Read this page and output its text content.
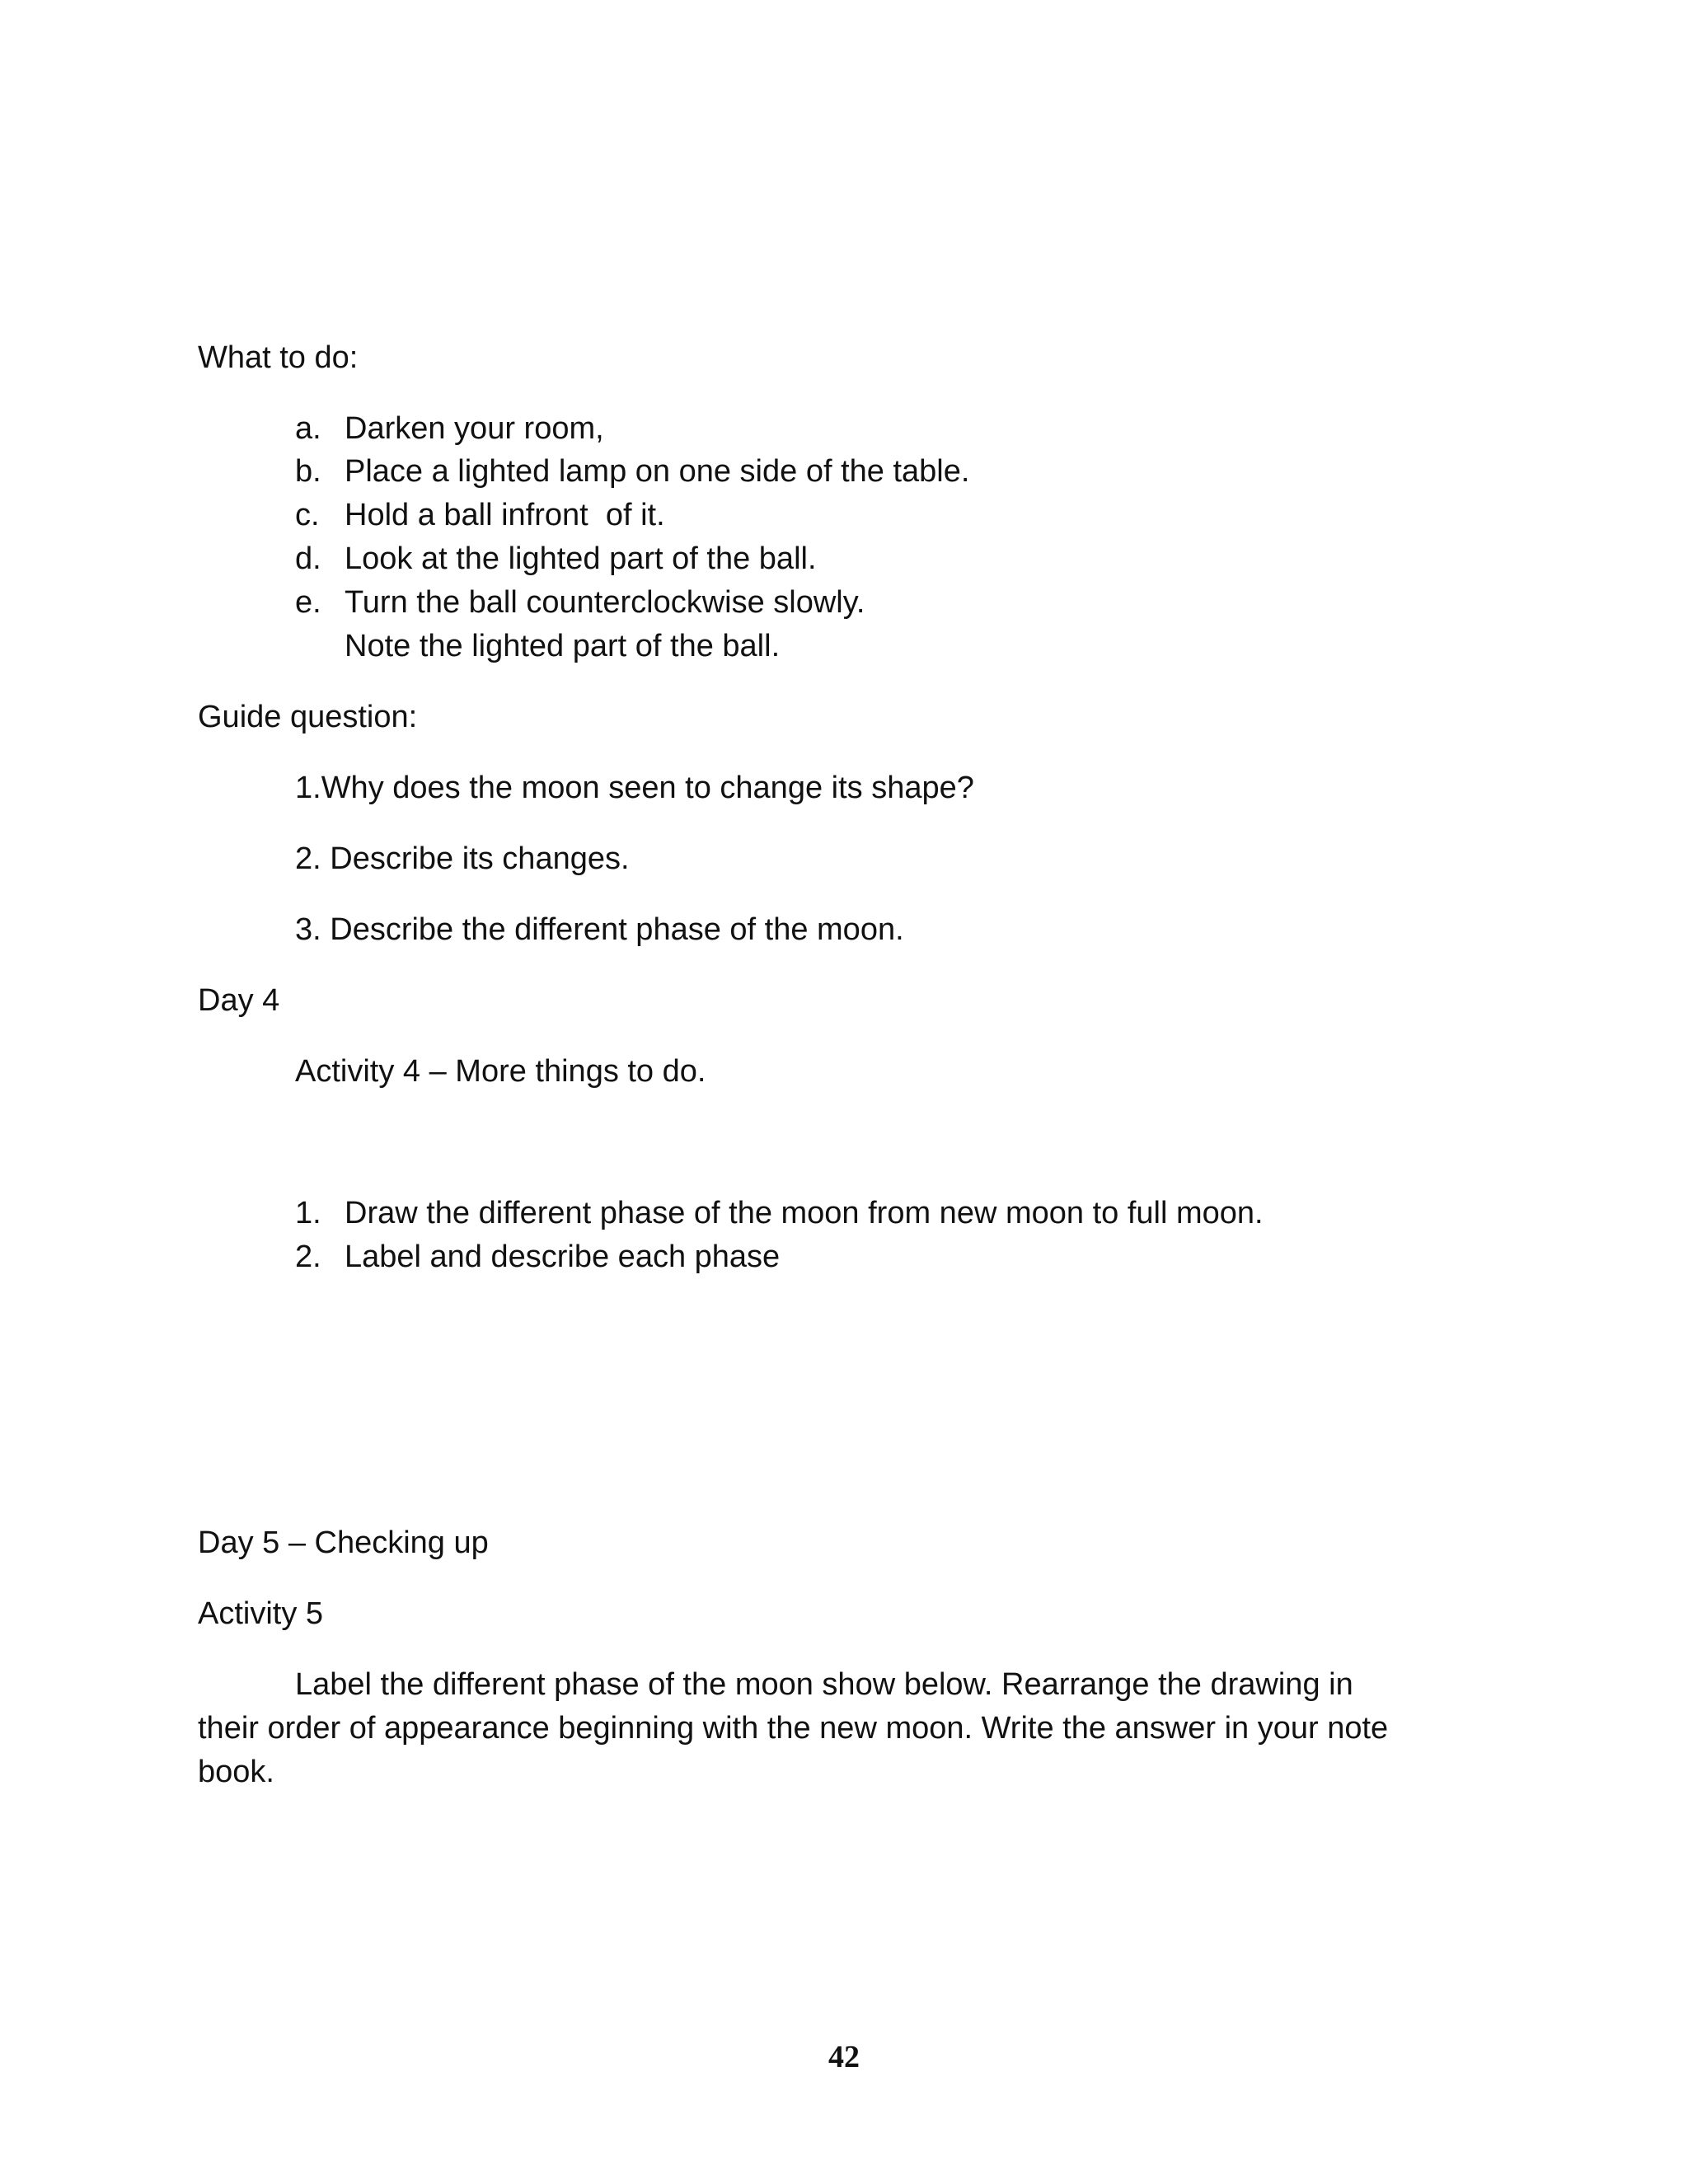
What to do:

a. Darken your room,

b. Place a lighted lamp on one side of the table.

c. Hold a ball infront  of it.

d. Look at the lighted part of the ball.

e. Turn the ball counterclockwise slowly.

Note the lighted part of the ball.

Guide question:

1.Why does the moon seen to change its shape?

2. Describe its changes.

3. Describe the different phase of the moon.

Day 4

Activity 4 – More things to do.

1. Draw the different phase of the moon from new moon to full moon.

2. Label and describe each phase

Day 5 – Checking up

Activity 5

Label the different phase of the moon show below. Rearrange the drawing in

their order of appearance beginning with the new moon. Write the answer in your note

book.

42
